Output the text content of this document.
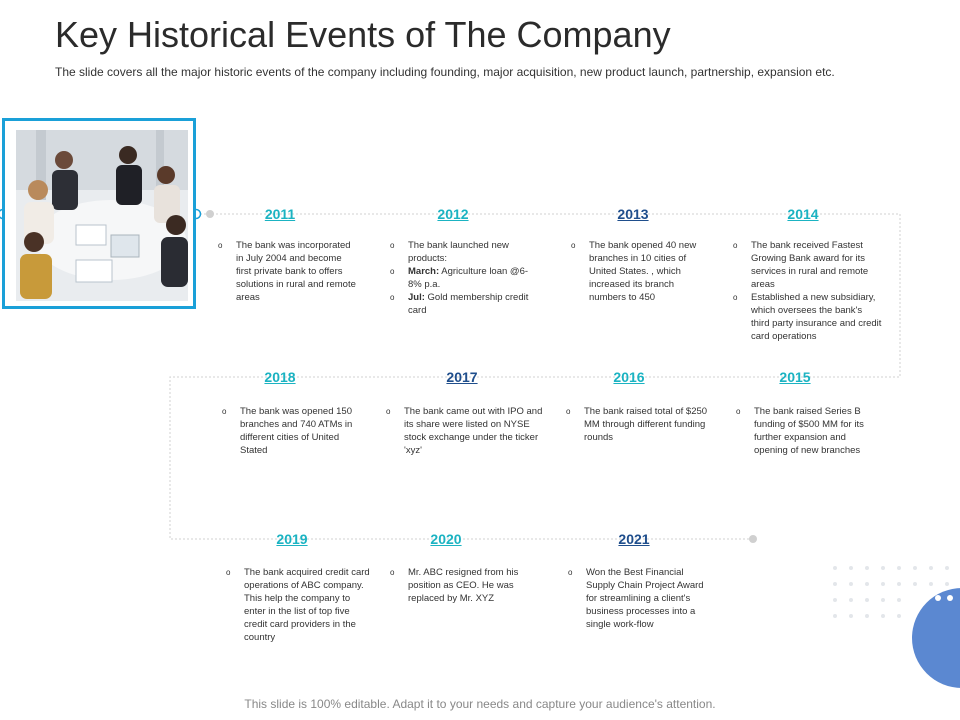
Key Historical Events of The Company
The slide covers all the major historic events of the company including founding, major acquisition, new product launch, partnership, expansion etc.
2011
o The bank was incorporated in July 2004 and become first private bank to offers solutions in rural and remote areas
2012
o The bank launched new products:
o March: Agriculture loan @6-8% p.a.
o Jul: Gold membership credit card
2013
o The bank opened 40 new branches in 10 cities of United States. , which increased its branch numbers to 450
2014
o The bank received Fastest Growing Bank award for its services in rural and remote areas
o Established a new subsidiary, which oversees the bank's third party insurance and credit card operations
2018
o The bank was opened 150 branches and 740 ATMs in different cities of United Stated
2017
o The bank came out with IPO and its share were listed on NYSE stock exchange under the ticker 'xyz'
2016
o The bank raised total of $250 MM through different funding rounds
2015
o The bank raised Series B funding of $500 MM for its further expansion and opening of new branches
2019
o The bank acquired credit card operations of ABC company. This help the company to enter in the list of top five credit card providers in the country
2020
o Mr. ABC resigned from his position as CEO. He was replaced by Mr. XYZ
2021
o Won the Best Financial Supply Chain Project Award for streamlining a client's business processes into a single work-flow
This slide is 100% editable. Adapt it to your needs and capture your audience's attention.
